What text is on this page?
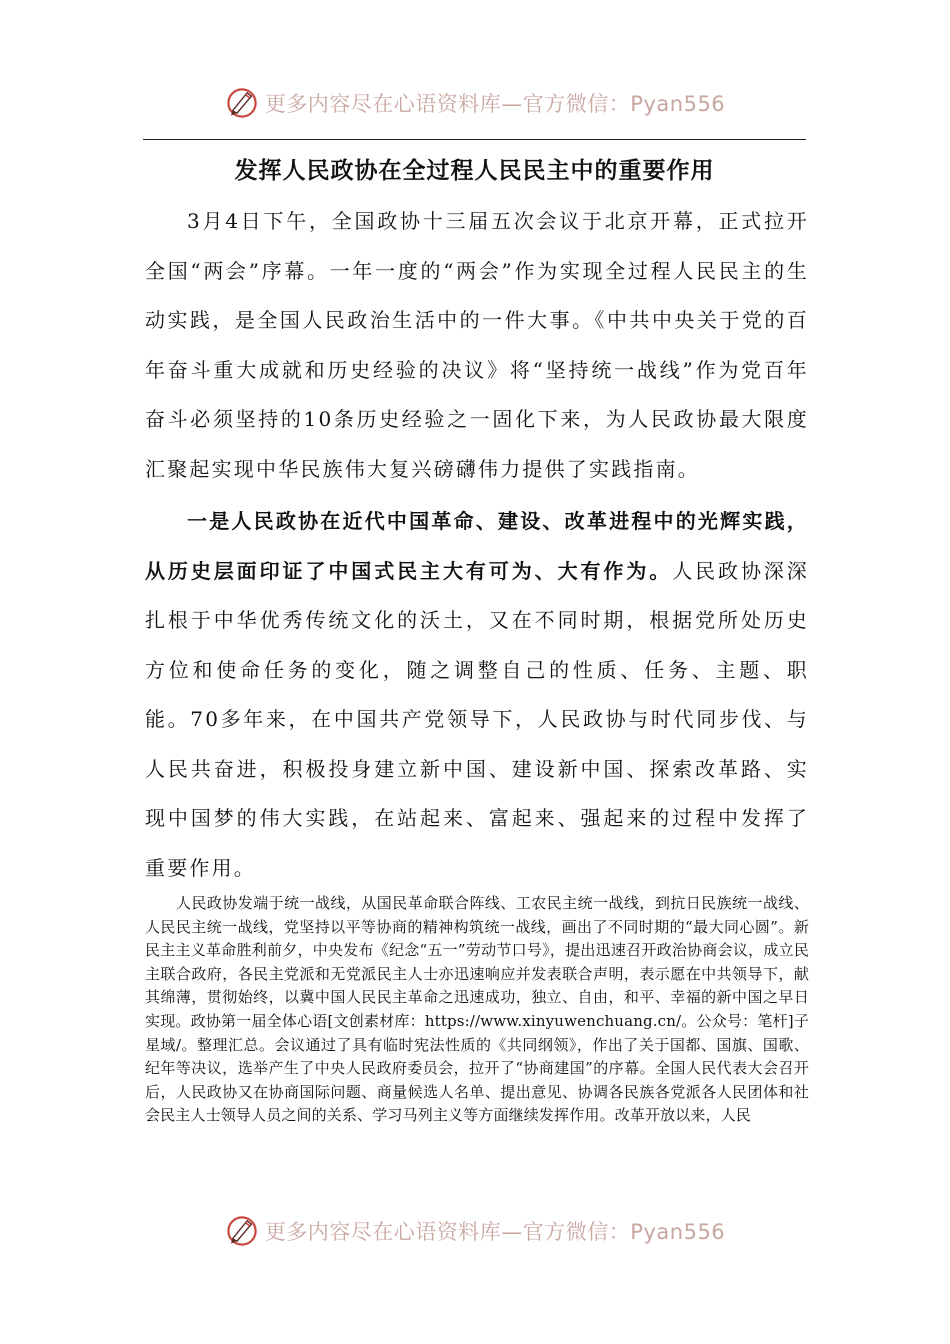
更多内容尽在心语资料库—官方微信：Pyan556
发挥人民政协在全过程人民民主中的重要作用

3月4日下午，全国政协十三届五次会议于北京开幕，正式拉开全国“两会”序幕。一年一度的“两会”作为实现全过程人民民主的生动实践，是全国人民政治生活中的一件大事。《中共中央关于党的百年奋斗重大成就和历史经验的决议》将“坚持统一战线”作为党百年奋斗必须坚持的10条历史经验之一固化下来，为人民政协最大限度汇聚起实现中华民族伟大复兴磅礴伟力提供了实践指南。

一是人民政协在近代中国革命、建设、改革进程中的光辉实践，从历史层面印证了中国式民主大有可为、大有作为。人民政协深深扎根于中华优秀传统文化的沃土，又在不同时期，根据党所处历史方位和使命任务的变化，随之调整自己的性质、任务、主题、职能。70多年来，在中国共产党领导下，人民政协与时代同步伐、与人民共奋进，积极投身建立新中国、建设新中国、探索改革路、实现中国梦的伟大实践，在站起来、富起来、强起来的过程中发挥了重要作用。

人民政协发端于统一战线，从国民革命联合阵线、工农民主统一战线，到抗日民族统一战线、人民民主统一战线，党坚持以平等协商的精神构筑统一战线，画出了不同时期的“最大同心圆”。新民主主义革命胜利前夕，中央发布《纪念“五一”劳动节口号》，提出迅速召开政治协商会议，成立民主联合政府，各民主党派和无党派民主人士亦迅速响应并发表联合声明，表示愿在中共领导下，献其绵薄，贯彻始终，以冀中国人民民主革命之迅速成功，独立、自由，和平、幸福的新中国之早日实现。政协第一届全体心语[文创素材库：https://www.xinyuwenchuang.cn/。公众号：笔杆]子星域/。整理汇总。会议通过了具有临时宪法性质的《共同纲领》，作出了关于国都、国旗、国歌、纪年等决议，选举产生了中央人民政府委员会，拉开了“协商建国”的序幕。全国人民代表大会召开后，人民政协又在协商国际问题、商量候选人名单、提出意见、协调各民族各党派各人民团体和社会民主人士领导人员之间的关系、学习马列主义等方面继续发挥作用。改革开放以来，人民

更多内容尽在心语资料库—官方微信：Pyan556
